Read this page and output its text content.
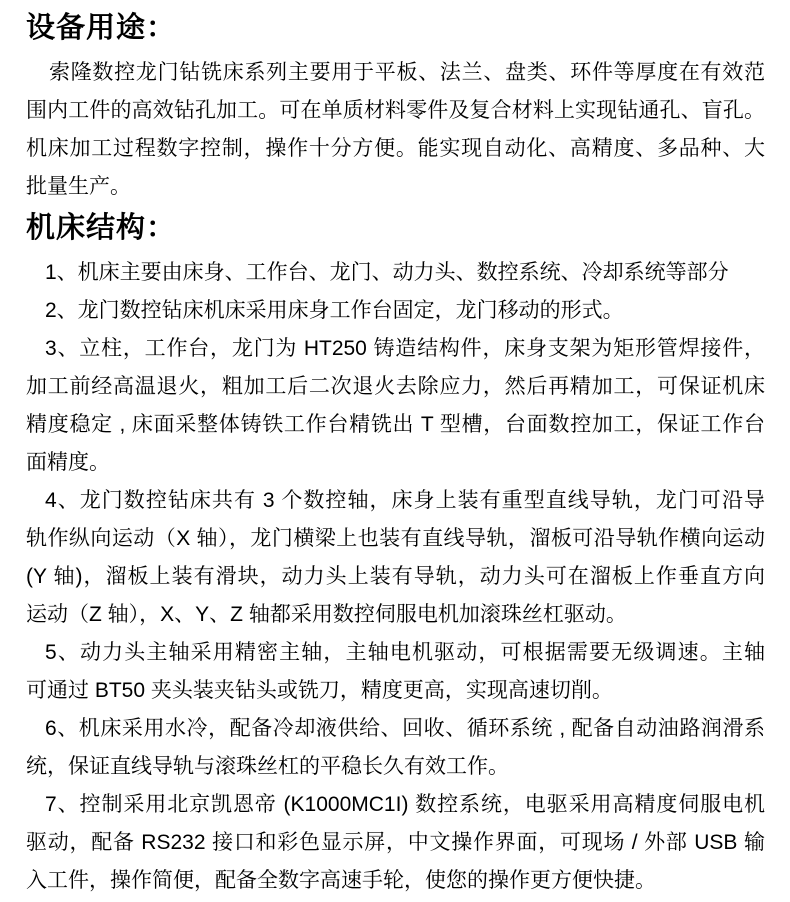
设备用途：
索隆数控龙门钻铣床系列主要用于平板、法兰、盘类、环件等厚度在有效范
围内工件的高效钻孔加工。可在单质材料零件及复合材料上实现钻通孔、盲孔。
机床加工过程数字控制，操作十分方便。能实现自动化、高精度、多品种、大
批量生产。
机床结构：
1、机床主要由床身、工作台、龙门、动力头、数控系统、冷却系统等部分
2、龙门数控钻床机床采用床身工作台固定，龙门移动的形式。
3、立柱，工作台，龙门为 HT250 铸造结构件，床身支架为矩形管焊接件，
加工前经高温退火，粗加工后二次退火去除应力，然后再精加工，可保证机床
精度稳定 , 床面采整体铸铁工作台精铣出 T 型槽，台面数控加工，保证工作台
面精度。
4、龙门数控钻床共有 3 个数控轴，床身上装有重型直线导轨，龙门可沿导
轨作纵向运动（X 轴），龙门横梁上也装有直线导轨，溜板可沿导轨作横向运动
(Y 轴)，溜板上装有滑块，动力头上装有导轨，动力头可在溜板上作垂直方向
运动（Z 轴），X、Y、Z 轴都采用数控伺服电机加滚珠丝杠驱动。
5、动力头主轴采用精密主轴，主轴电机驱动，可根据需要无级调速。主轴
可通过 BT50 夹头装夹钻头或铣刀，精度更高，实现高速切削。
6、机床采用水冷，配备冷却液供给、回收、循环系统 , 配备自动油路润滑系
统，保证直线导轨与滚珠丝杠的平稳长久有效工作。
7、控制采用北京凯恩帝 (K1000MC1I) 数控系统，电驱采用高精度伺服电机
驱动，配备 RS232 接口和彩色显示屏，中文操作界面，可现场 / 外部 USB 输
入工件，操作简便，配备全数字高速手轮，使您的操作更方便快捷。
